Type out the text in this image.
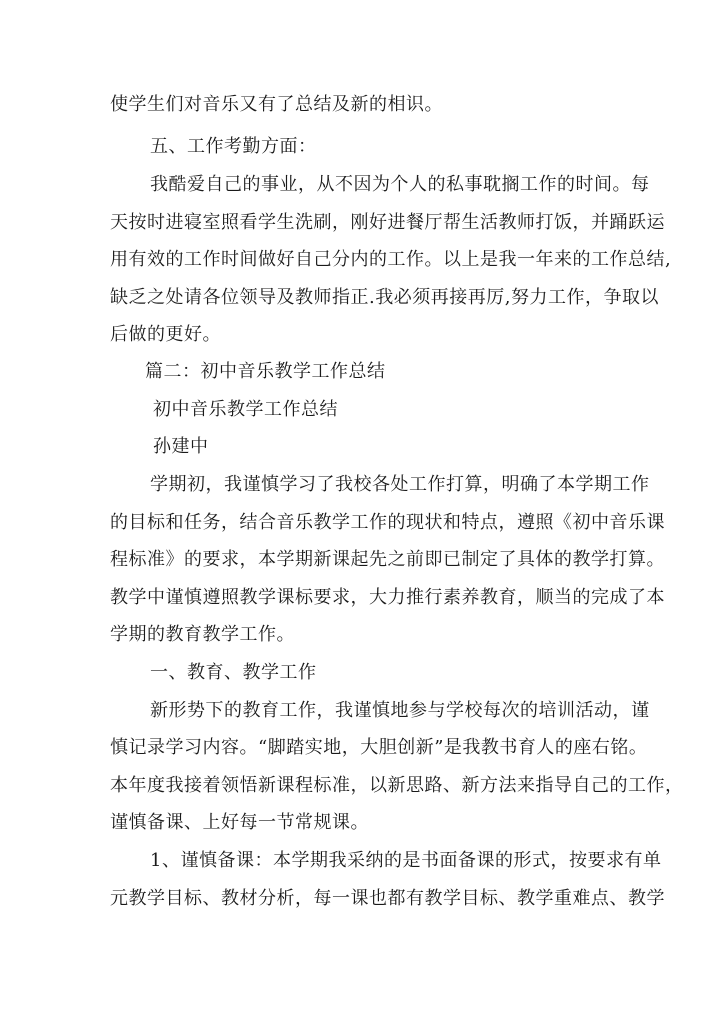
使学生们对音乐又有了总结及新的相识。
五、工作考勤方面：
我酷爱自己的事业，从不因为个人的私事耽搁工作的时间。每
天按时进寝室照看学生洗刷，刚好进餐厅帮生活教师打饭，并踊跃运
用有效的工作时间做好自己分内的工作。以上是我一年来的工作总结,
缺乏之处请各位领导及教师指正.我必须再接再厉,努力工作，争取以
后做的更好。
篇二：初中音乐教学工作总结
初中音乐教学工作总结
孙建中
学期初，我谨慎学习了我校各处工作打算，明确了本学期工作
的目标和任务，结合音乐教学工作的现状和特点，遵照《初中音乐课
程标准》的要求，本学期新课起先之前即已制定了具体的教学打算。
教学中谨慎遵照教学课标要求，大力推行素养教育，顺当的完成了本
学期的教育教学工作。
一、教育、教学工作
新形势下的教育工作，我谨慎地参与学校每次的培训活动，谨
慎记录学习内容。“脚踏实地，大胆创新”是我教书育人的座右铭。
本年度我接着领悟新课程标准，以新思路、新方法来指导自己的工作，
谨慎备课、上好每一节常规课。
1、谨慎备课：本学期我采纳的是书面备课的形式，按要求有单
元教学目标、教材分析，每一课也都有教学目标、教学重难点、教学
